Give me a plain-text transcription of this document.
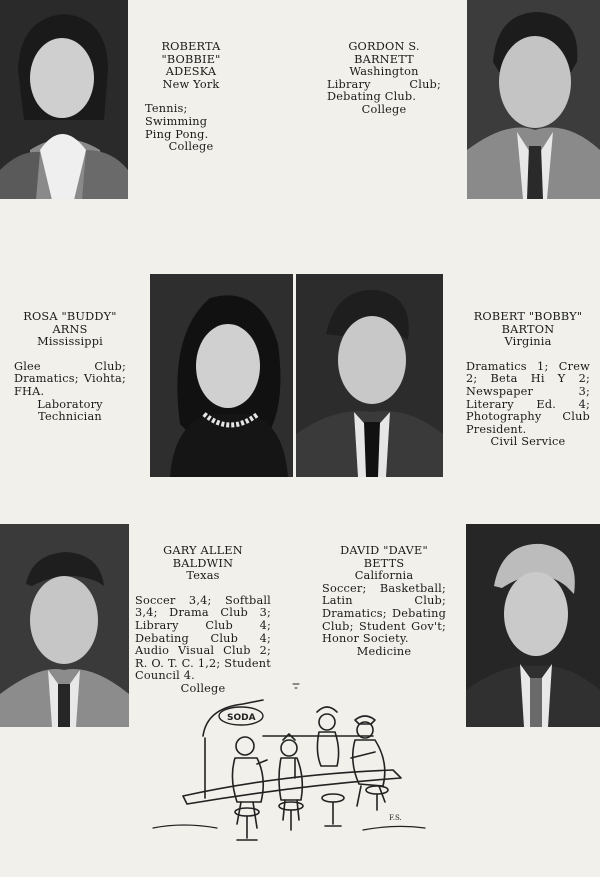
ROBERTA

"BOBBIE"

ADESKA

New York

Tennis; Swimming Ping Pong.

College

GORDON S.

BARNETT

Washington

Library Club; Debating Club.

College

ROSA "BUDDY"

ARNS

Mississippi

Glee Club; Dramatics; Viohta; FHA.

Laboratory

Technician

ROBERT "BOBBY"

BARTON

Virginia

Dramatics 1; Crew 2; Beta Hi Y 2; Newspaper 3; Literary Ed. 4; Photography Club President.

Civil Service

GARY ALLEN

BALDWIN

Texas

Soccer 3,4; Softball 3,4; Drama Club 3; Library Club 4; Debating Club 4; Audio Visual Club 2; R. O. T. C. 1,2; Student Council 4.

College

DAVID "DAVE"

BETTS

California

Soccer; Basketball; Latin Club; Dramatics; Debating Club; Student Gov't; Honor Society.

Medicine

SODA
F.S.
